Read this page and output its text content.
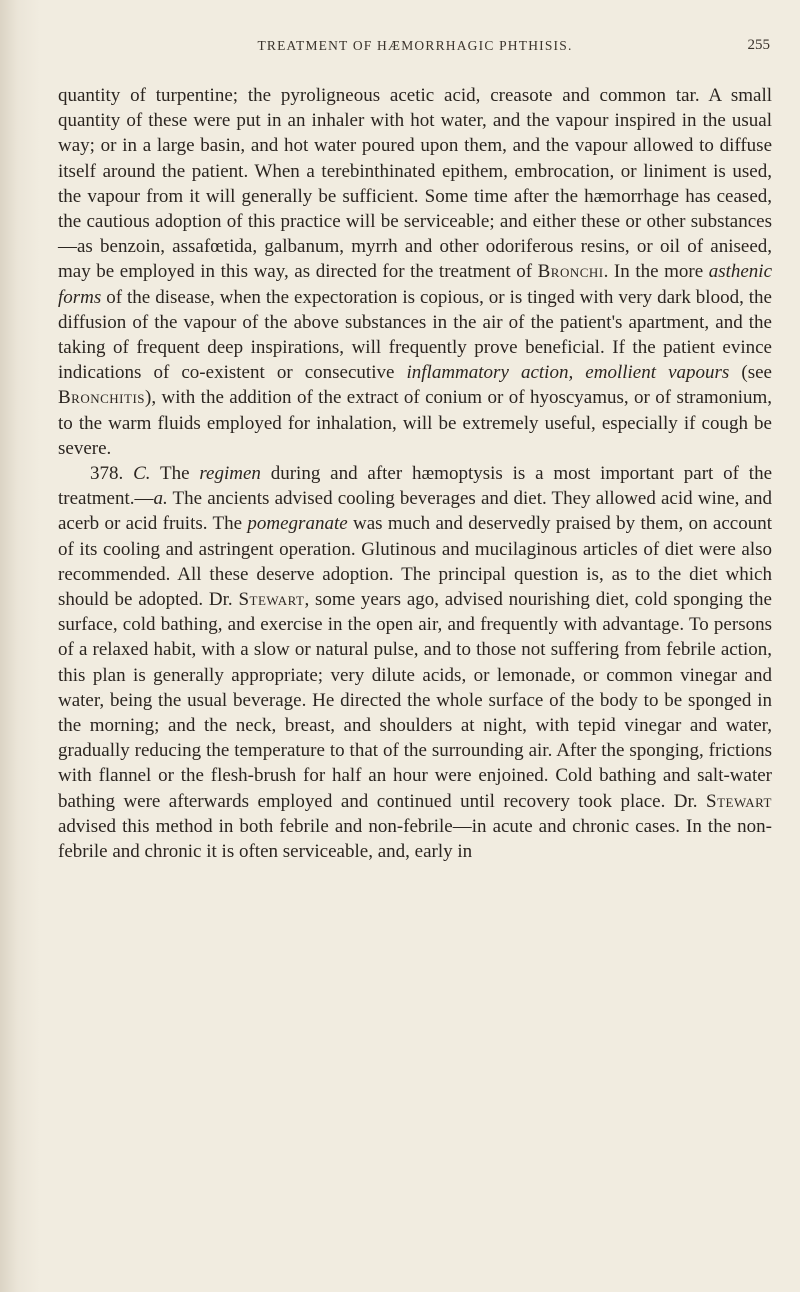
TREATMENT OF HÆMORRHAGIC PHTHISIS.	255

quantity of turpentine; the pyroligneous acetic acid, creasote and common tar. A small quantity of these were put in an inhaler with hot water, and the vapour inspired in the usual way; or in a large basin, and hot water poured upon them, and the vapour allowed to diffuse itself around the patient. When a terebinthinated epithem, embrocation, or liniment is used, the vapour from it will generally be sufficient. Some time after the hæmorrhage has ceased, the cautious adoption of this practice will be serviceable; and either these or other substances—as benzoin, assafœtida, galbanum, myrrh and other odoriferous resins, or oil of aniseed, may be employed in this way, as directed for the treatment of Bronchi. In the more asthenic forms of the disease, when the expectoration is copious, or is tinged with very dark blood, the diffusion of the vapour of the above substances in the air of the patient's apartment, and the taking of frequent deep inspirations, will frequently prove beneficial. If the patient evince indications of co-existent or consecutive inflammatory action, emollient vapours (see Bronchitis), with the addition of the extract of conium or of hyoscyamus, or of stramonium, to the warm fluids employed for inhalation, will be extremely useful, especially if cough be severe.

378. C. The regimen during and after hæmoptysis is a most important part of the treatment.—a. The ancients advised cooling beverages and diet. They allowed acid wine, and acerb or acid fruits. The pomegranate was much and deservedly praised by them, on account of its cooling and astringent operation. Glutinous and mucilaginous articles of diet were also recommended. All these deserve adoption. The principal question is, as to the diet which should be adopted. Dr. Stewart, some years ago, advised nourishing diet, cold sponging the surface, cold bathing, and exercise in the open air, and frequently with advantage. To persons of a relaxed habit, with a slow or natural pulse, and to those not suffering from febrile action, this plan is generally appropriate; very dilute acids, or lemonade, or common vinegar and water, being the usual beverage. He directed the whole surface of the body to be sponged in the morning; and the neck, breast, and shoulders at night, with tepid vinegar and water, gradually reducing the temperature to that of the surrounding air. After the sponging, frictions with flannel or the flesh-brush for half an hour were enjoined. Cold bathing and salt-water bathing were afterwards employed and continued until recovery took place. Dr. Stewart advised this method in both febrile and non-febrile—in acute and chronic cases. In the non-febrile and chronic it is often serviceable, and, early in
